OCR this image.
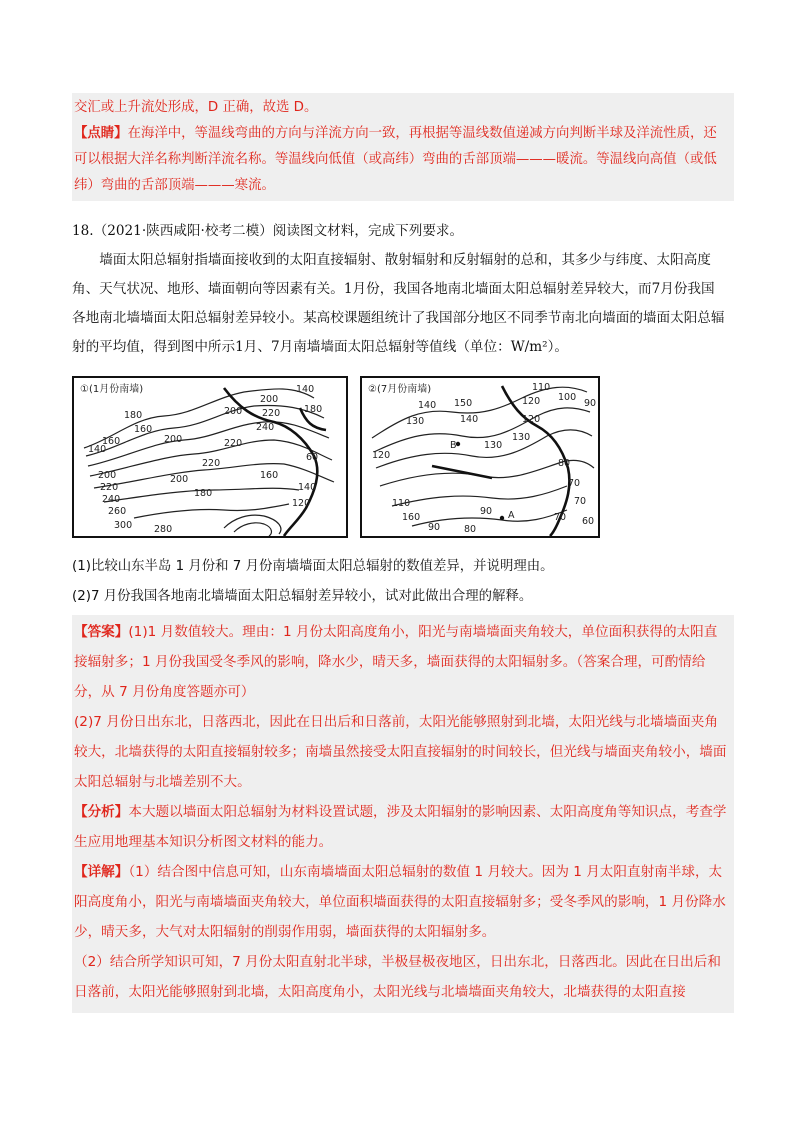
交汇或上升流处形成，D 正确，故选 D。

【点睛】在海洋中，等温线弯曲的方向与洋流方向一致，再根据等温线数值递减方向判断半球及洋流性质，还可以根据大洋名称判断洋流名称。等温线向低值（或高纬）弯曲的舌部顶端———暖流。等温线向高值（或低纬）弯曲的舌部顶端———寒流。

18.（2021·陕西咸阳·校考二模）阅读图文材料，完成下列要求。

墙面太阳总辐射指墙面接收到的太阳直接辐射、散射辐射和反射辐射的总和，其多少与纬度、太阳高度角、天气状况、地形、墙面朝向等因素有关。1月份，我国各地南北墙面太阳总辐射差异较大，而7月份我国各地南北墙墙面太阳总辐射差异较小。某高校课题组统计了我国部分地区不同季节南北向墙面的墙面太阳总辐射的平均值，得到图中所示1月、7月南墙墙面太阳总辐射等值线（单位：W/m²）。
①(1月份南墙)
140
160
180
160
200
200
200
140
220	180
220
220
240
200
220
240
260
300 280
180
160
120
140
60
200
②(7月份南墙)	110
120 100
90
140 150
130
130
120
140
130
120
80
70
70
110
160
90	80
90
70 60
B
A

(1)比较山东半岛 1 月份和 7 月份南墙墙面太阳总辐射的数值差异，并说明理由。

(2)7 月份我国各地南北墙墙面太阳总辐射差异较小，试对此做出合理的解释。

【答案】(1)1 月数值较大。理由：1 月份太阳高度角小，阳光与南墙墙面夹角较大，单位面积获得的太阳直接辐射多；1 月份我国受冬季风的影响，降水少，晴天多，墙面获得的太阳辐射多。（答案合理，可酌情给分，从 7 月份角度答题亦可）

(2)7 月份日出东北，日落西北，因此在日出后和日落前，太阳光能够照射到北墙，太阳光线与北墙墙面夹角较大，北墙获得的太阳直接辐射较多；南墙虽然接受太阳直接辐射的时间较长，但光线与墙面夹角较小，墙面太阳总辐射与北墙差别不大。

【分析】本大题以墙面太阳总辐射为材料设置试题，涉及太阳辐射的影响因素、太阳高度角等知识点，考查学生应用地理基本知识分析图文材料的能力。

【详解】（1）结合图中信息可知，山东南墙墙面太阳总辐射的数值 1 月较大。因为 1 月太阳直射南半球，太阳高度角小，阳光与南墙墙面夹角较大，单位面积墙面获得的太阳直接辐射多；受冬季风的影响，1 月份降水少，晴天多，大气对太阳辐射的削弱作用弱，墙面获得的太阳辐射多。

（2）结合所学知识可知，7 月份太阳直射北半球，半极昼极夜地区，日出东北，日落西北。因此在日出后和日落前，太阳光能够照射到北墙，太阳高度角小，太阳光线与北墙墙面夹角较大，北墙获得的太阳直接
